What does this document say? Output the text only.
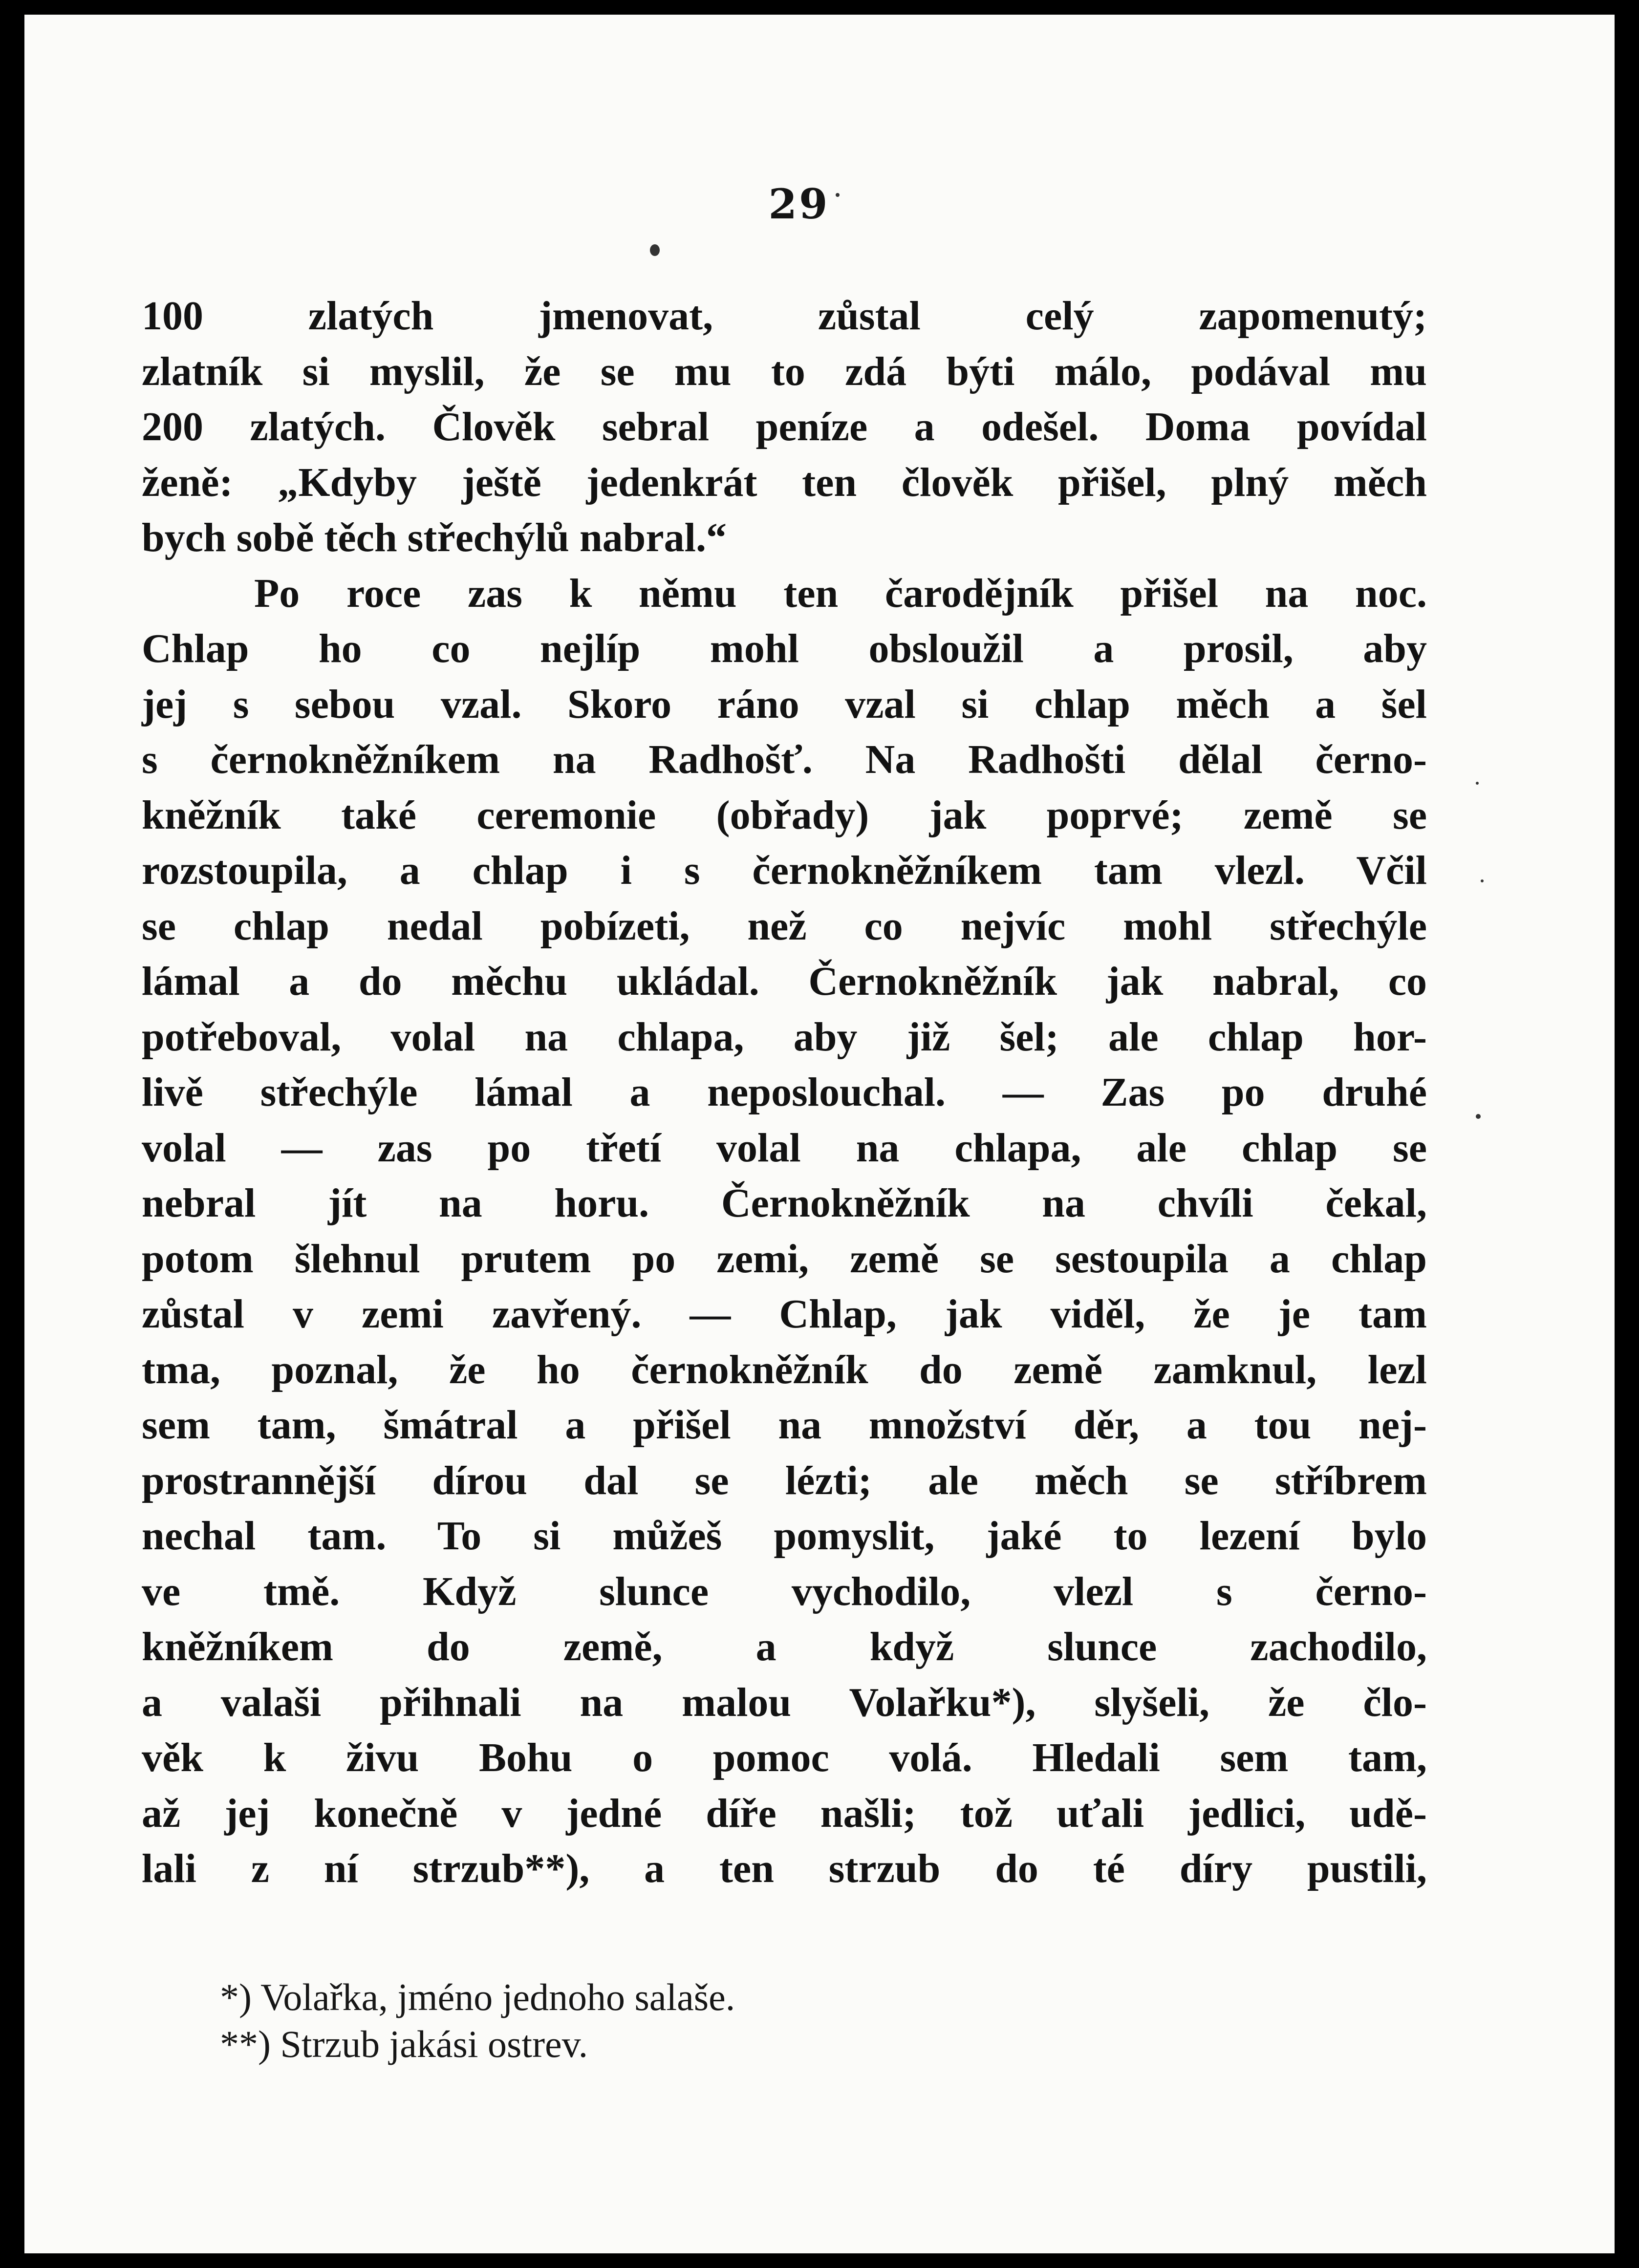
29
100 zlatých jmenovat, zůstal celý zapomenutý;
zlatník si myslil, že se mu to zdá býti málo, podával mu
200 zlatých. Člověk sebral peníze a odešel. Doma povídal
ženě: „Kdyby ještě jedenkrát ten člověk přišel, plný měch
bych sobě těch střechýlů nabral.“
Po roce zas k němu ten čarodějník přišel na noc.
Chlap ho co nejlíp mohl obsloužil a prosil, aby
jej s sebou vzal. Skoro ráno vzal si chlap měch a šel
s černokněžníkem na Radhošť. Na Radhošti dělal černo-
kněžník také ceremonie (obřady) jak poprvé; země se
rozstoupila, a chlap i s černokněžníkem tam vlezl. Včil
se chlap nedal pobízeti, než co nejvíc mohl střechýle
lámal a do měchu ukládal. Černokněžník jak nabral, co
potřeboval, volal na chlapa, aby již šel; ale chlap hor-
livě střechýle lámal a neposlouchal. — Zas po druhé
volal — zas po třetí volal na chlapa, ale chlap se
nebral jít na horu. Černokněžník na chvíli čekal,
potom šlehnul prutem po zemi, země se sestoupila a chlap
zůstal v zemi zavřený. — Chlap, jak viděl, že je tam
tma, poznal, že ho černokněžník do země zamknul, lezl
sem tam, šmátral a přišel na množství děr, a tou nej-
prostrannější dírou dal se lézti; ale měch se stříbrem
nechal tam. To si můžeš pomyslit, jaké to lezení bylo
ve tmě. Když slunce vychodilo, vlezl s černo-
kněžníkem do země, a když slunce zachodilo,
a valaši přihnali na malou Volařku*), slyšeli, že člo-
věk k živu Bohu o pomoc volá. Hledali sem tam,
až jej konečně v jedné díře našli; tož uťali jedlici, udě-
lali z ní strzub**), a ten strzub do té díry pustili,
*) Volařka, jméno jednoho salaše.
**) Strzub jakási ostrev.
